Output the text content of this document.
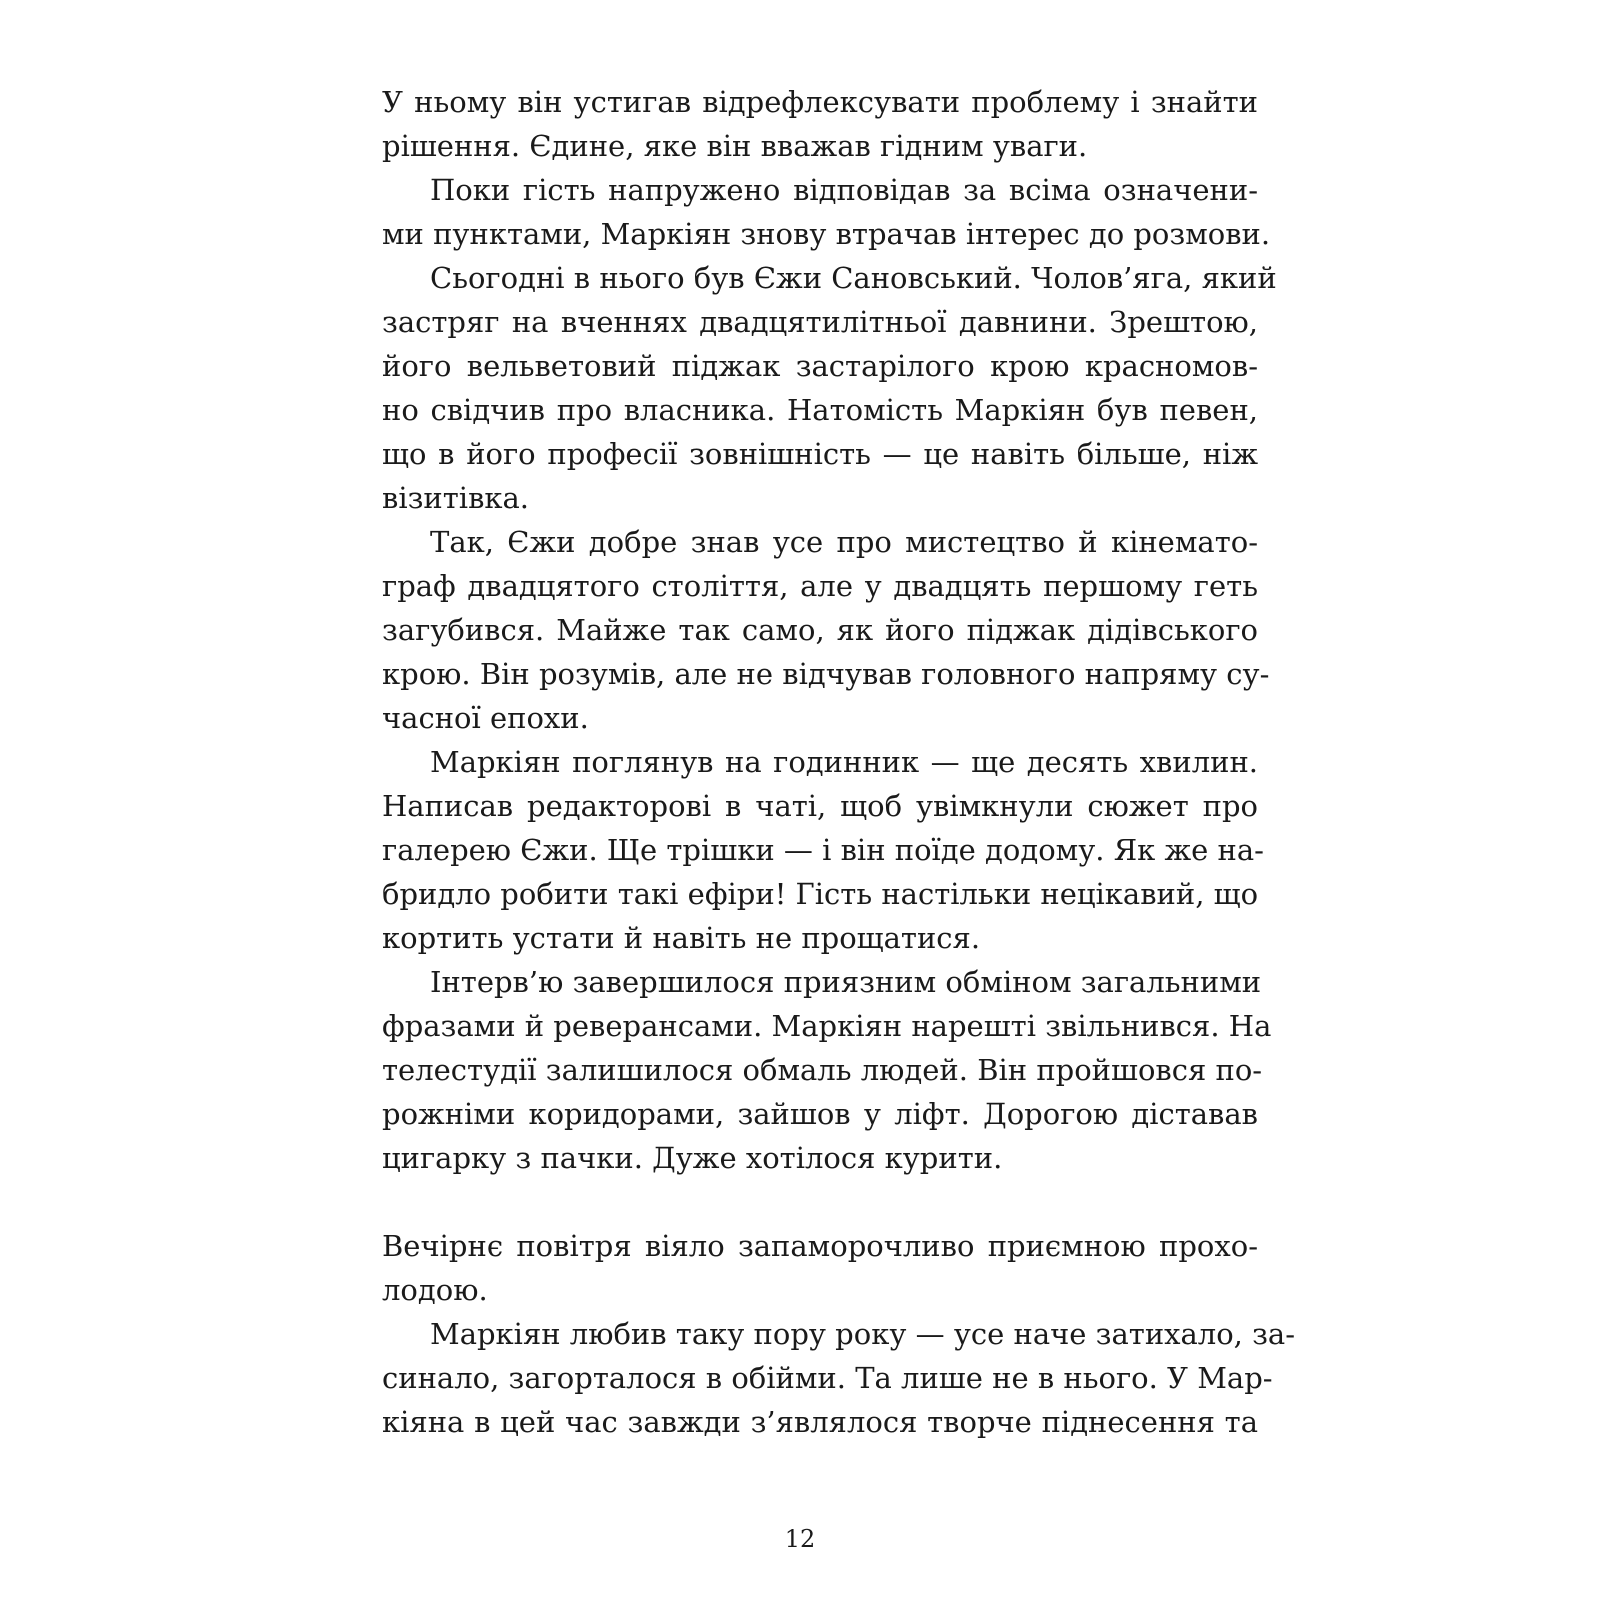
У ньому він устигав відрефлексувати проблему і знайти
рішення. Єдине, яке він вважав гідним уваги.
Поки гість напружено відповідав за всіма означени-
ми пунктами, Маркіян знову втрачав інтерес до розмови.
Сьогодні в нього був Єжи Сановський. Чолов’яга, який
застряг на вченнях двадцятилітньої давнини. Зрештою,
його вельветовий піджак застарілого крою красномов-
но свідчив про власника. Натомість Маркіян був певен,
що в його професії зовнішність — це навіть більше, ніж
візитівка.
Так, Єжи добре знав усе про мистецтво й кінемато-
граф двадцятого століття, але у двадцять першому геть
загубився. Майже так само, як його піджак дідівського
крою. Він розумів, але не відчував головного напряму су-
часної епохи.
Маркіян поглянув на годинник — ще десять хвилин.
Написав редакторові в чаті, щоб увімкнули сюжет про
галерею Єжи. Ще трішки — і він поїде додому. Як же на-
бридло робити такі ефіри! Гість настільки нецікавий, що
кортить устати й навіть не прощатися.
Інтерв’ю завершилося приязним обміном загальними
фразами й реверансами. Маркіян нарешті звільнився. На
телестудії залишилося обмаль людей. Він пройшовся по-
рожніми коридорами, зайшов у ліфт. Дорогою діставав
цигарку з пачки. Дуже хотілося курити.
Вечірнє повітря віяло запаморочливо приємною прохо-
лодою.
Маркіян любив таку пору року — усе наче затихало, за-
синало, загорталося в обійми. Та лише не в нього. У Мар-
кіяна в цей час завжди з’являлося творче піднесення та
12
